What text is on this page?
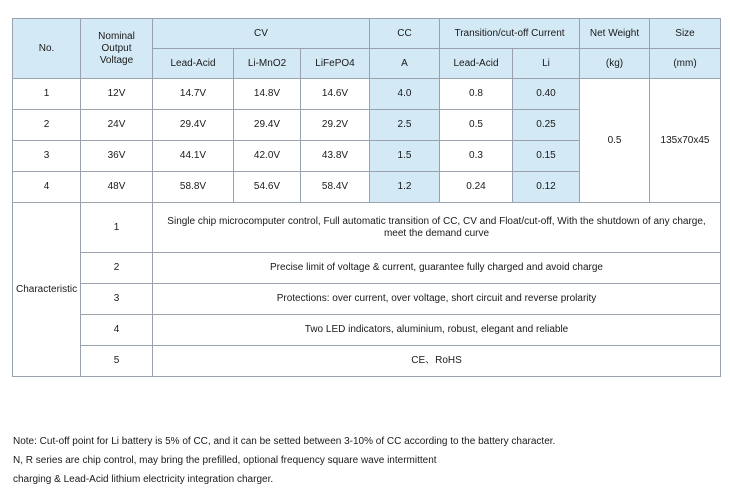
No.	Nominal Output Voltage	CV			CC	Transition/cut-off Current		Net Weight	Size
		Lead-Acid	Li-MnO2	LiFePO4	A	Lead-Acid	Li	(kg)	(mm)
1	12V	14.7V	14.8V	14.6V	4.0	0.8	0.40	0.5	135x70x45
2	24V	29.4V	29.4V	29.2V	2.5	0.5	0.25		
3	36V	44.1V	42.0V	43.8V	1.5	0.3	0.15		
4	48V	58.8V	54.6V	58.4V	1.2	0.24	0.12		
Characteristic	1	Single chip microcomputer control, Full automatic transition of CC, CV and Float/cut-off, With the shutdown of any charge, meet the demand curve							
	2	Precise limit of voltage & current, guarantee fully charged and avoid charge							
	3	Protections: over current, over voltage, short circuit and reverse prolarity							
	4	Two LED indicators, aluminium, robust, elegant and reliable							
	5	CE、RoHS							
Note: Cut-off point for Li battery is 5% of CC, and it can be setted between 3-10% of CC according to the battery character.
N, R series are chip control, may bring the prefilled, optional frequency square wave intermittent
charging & Lead-Acid lithium electricity integration charger.
